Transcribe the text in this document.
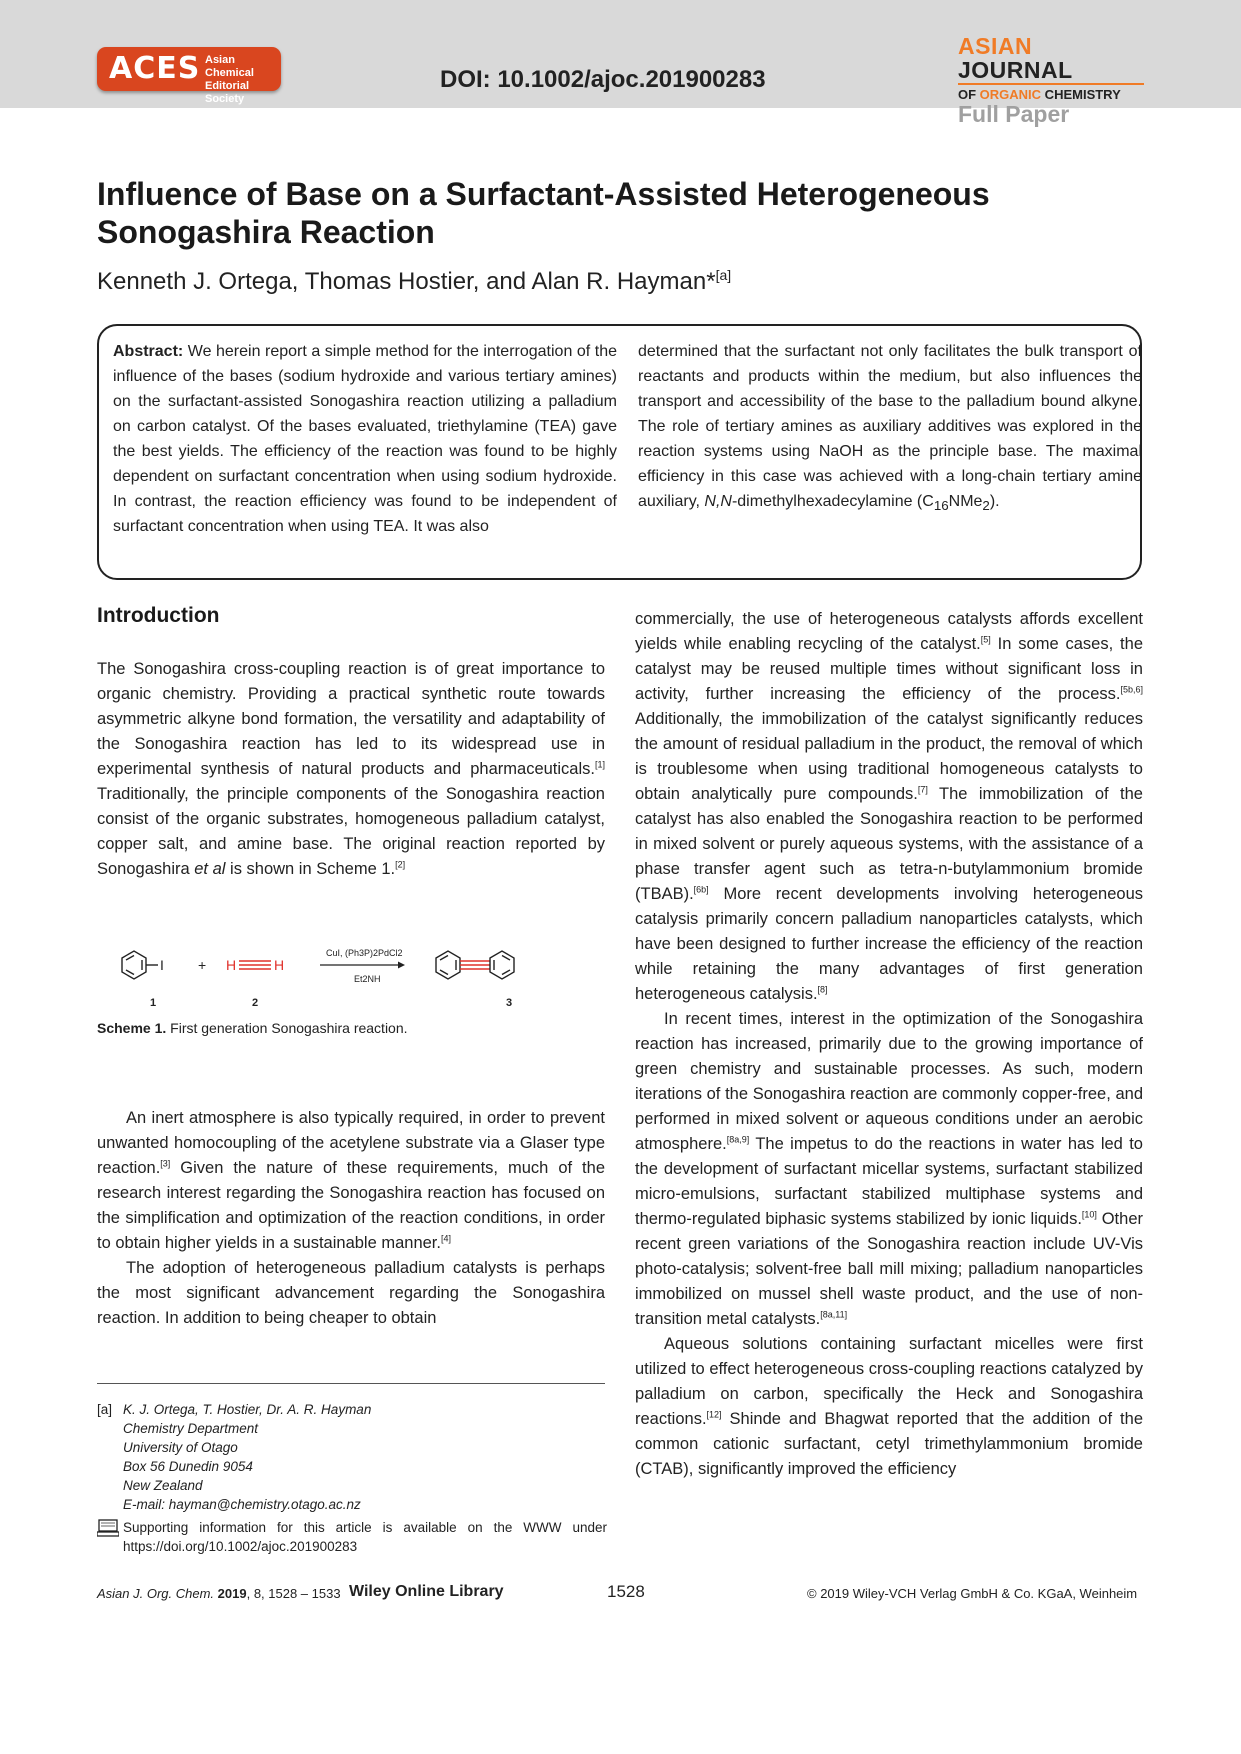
ACES Asian Chemical
Editorial Society
DOI: 10.1002/ajoc.201900283
ASIAN JOURNAL
OF ORGANIC CHEMISTRY
Full Paper
Influence of Base on a Surfactant-Assisted Heterogeneous Sonogashira Reaction
Kenneth J. Ortega, Thomas Hostier, and Alan R. Hayman*[a]
Abstract: We herein report a simple method for the interrogation of the influence of the bases (sodium hydroxide and various tertiary amines) on the surfactant-assisted Sonogashira reaction utilizing a palladium on carbon catalyst. Of the bases evaluated, triethylamine (TEA) gave the best yields. The efficiency of the reaction was found to be highly dependent on surfactant concentration when using sodium hydroxide. In contrast, the reaction efficiency was found to be independent of surfactant concentration when using TEA. It was also
determined that the surfactant not only facilitates the bulk transport of reactants and products within the medium, but also influences the transport and accessibility of the base to the palladium bound alkyne. The role of tertiary amines as auxiliary additives was explored in the reaction systems using NaOH as the principle base. The maximal efficiency in this case was achieved with a long-chain tertiary amine auxiliary, N,N-dimethylhexadecylamine $(C_{16}NMe_2)$.
Introduction

The Sonogashira cross-coupling reaction is of great importance to organic chemistry. Providing a practical synthetic route towards asymmetric alkyne bond formation, the versatility and adaptability of the Sonogashira reaction has led to its widespread use in experimental synthesis of natural products and pharmaceuticals.[1] Traditionally, the principle components of the Sonogashira reaction consist of the organic substrates, homogeneous palladium catalyst, copper salt, and amine base. The original reaction reported by Sonogashira et al is shown in Scheme 1.[2]

I + H	H
CuI, (Ph3P)2PdCl2
Et2NH
1	2	3
Scheme 1. First generation Sonogashira reaction.

An inert atmosphere is also typically required, in order to prevent unwanted homocoupling of the acetylene substrate via a Glaser type reaction.[3] Given the nature of these requirements, much of the research interest regarding the Sonogashira reaction has focused on the simplification and optimization of the reaction conditions, in order to obtain higher yields in a sustainable manner.[4]

The adoption of heterogeneous palladium catalysts is perhaps the most significant advancement regarding the Sonogashira reaction. In addition to being cheaper to obtain

[a] K. J. Ortega, T. Hostier, Dr. A. R. Hayman
Chemistry Department
University of Otago
Box 56 Dunedin 9054
New Zealand
E-mail: hayman@chemistry.otago.ac.nz
Supporting information for this article is available on the WWW under https://doi.org/10.1002/ajoc.201900283

commercially, the use of heterogeneous catalysts affords excellent yields while enabling recycling of the catalyst.[5] In some cases, the catalyst may be reused multiple times without significant loss in activity, further increasing the efficiency of the process.[5b,6] Additionally, the immobilization of the catalyst significantly reduces the amount of residual palladium in the product, the removal of which is troublesome when using traditional homogeneous catalysts to obtain analytically pure compounds.[7] The immobilization of the catalyst has also enabled the Sonogashira reaction to be performed in mixed solvent or purely aqueous systems, with the assistance of a phase transfer agent such as tetra-n-butylammonium bromide (TBAB).[6b] More recent developments involving heterogeneous catalysis primarily concern palladium nanoparticles catalysts, which have been designed to further increase the efficiency of the reaction while retaining the many advantages of first generation heterogeneous catalysis.[8]

In recent times, interest in the optimization of the Sonogashira reaction has increased, primarily due to the growing importance of green chemistry and sustainable processes. As such, modern iterations of the Sonogashira reaction are commonly copper-free, and performed in mixed solvent or aqueous conditions under an aerobic atmosphere.[8a,9] The impetus to do the reactions in water has led to the development of surfactant micellar systems, surfactant stabilized micro-emulsions, surfactant stabilized multiphase systems and thermo-regulated biphasic systems stabilized by ionic liquids.[10] Other recent green variations of the Sonogashira reaction include UV-Vis photo-catalysis; solvent-free ball mill mixing; palladium nanoparticles immobilized on mussel shell waste product, and the use of non-transition metal catalysts.[8a,11]

Aqueous solutions containing surfactant micelles were first utilized to effect heterogeneous cross-coupling reactions catalyzed by palladium on carbon, specifically the Heck and Sonogashira reactions.[12] Shinde and Bhagwat reported that the addition of the common cationic surfactant, cetyl trimethylammonium bromide (CTAB), significantly improved the efficiency

Asian J. Org. Chem. 2019, 8, 1528 – 1533 Wiley Online Library	1528	© 2019 Wiley-VCH Verlag GmbH & Co. KGaA, Weinheim
